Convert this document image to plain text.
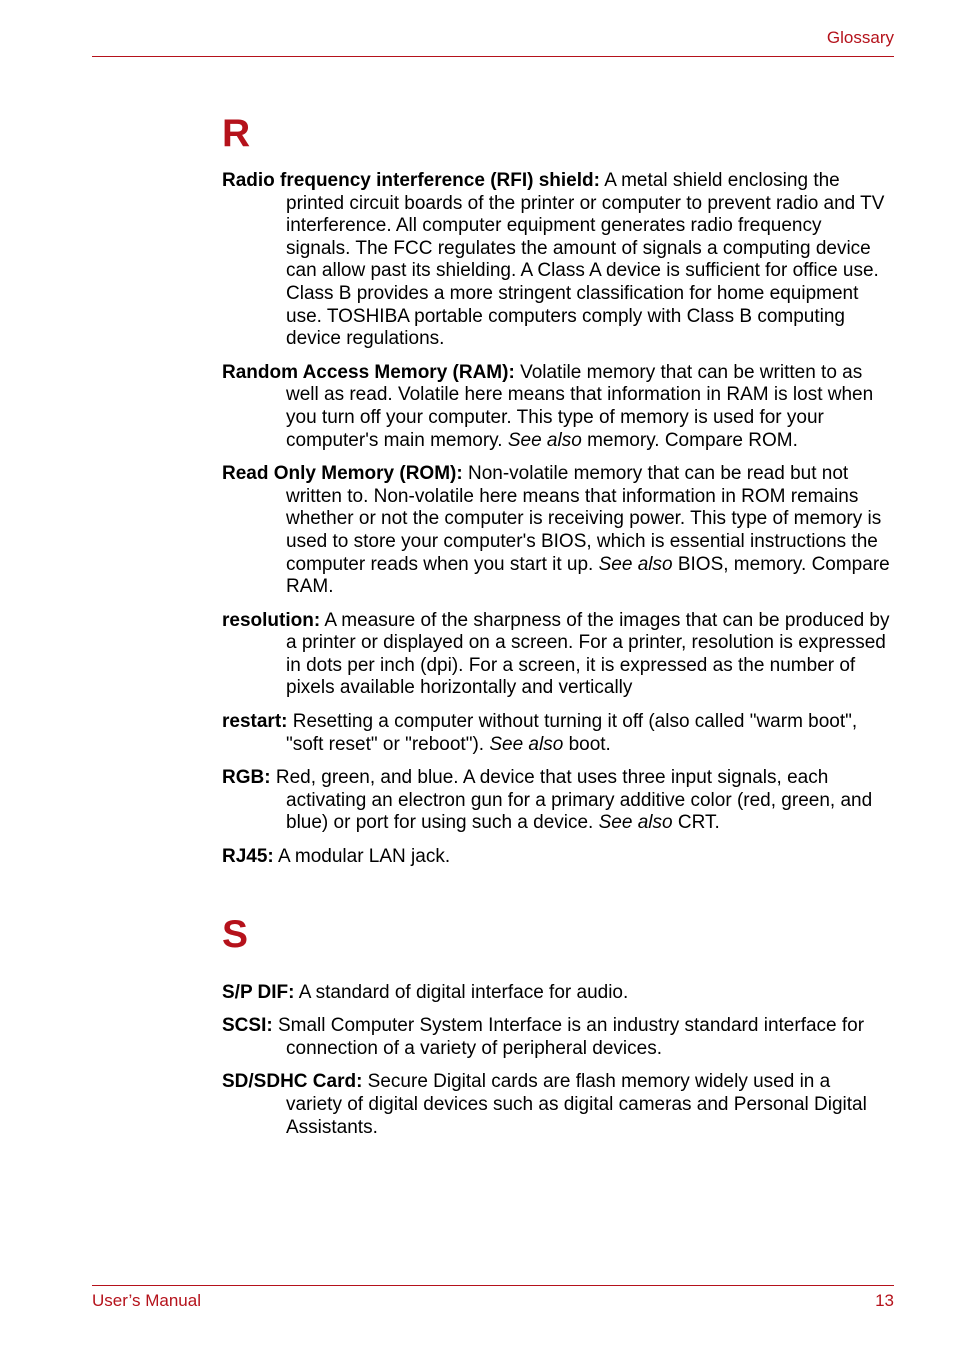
Glossary
R

Radio frequency interference (RFI) shield: A metal shield enclosing the printed circuit boards of the printer or computer to prevent radio and TV interference. All computer equipment generates radio frequency signals. The FCC regulates the amount of signals a computing device can allow past its shielding. A Class A device is sufficient for office use. Class B provides a more stringent classification for home equipment use. TOSHIBA portable computers comply with Class B computing device regulations.

Random Access Memory (RAM): Volatile memory that can be written to as well as read. Volatile here means that information in RAM is lost when you turn off your computer. This type of memory is used for your computer's main memory. See also memory. Compare ROM.

Read Only Memory (ROM): Non-volatile memory that can be read but not written to. Non-volatile here means that information in ROM remains whether or not the computer is receiving power. This type of memory is used to store your computer's BIOS, which is essential instructions the computer reads when you start it up. See also BIOS, memory. Compare RAM.

resolution: A measure of the sharpness of the images that can be produced by a printer or displayed on a screen. For a printer, resolution is expressed in dots per inch (dpi). For a screen, it is expressed as the number of pixels available horizontally and vertically

restart: Resetting a computer without turning it off (also called "warm boot", "soft reset" or "reboot"). See also boot.

RGB: Red, green, and blue. A device that uses three input signals, each activating an electron gun for a primary additive color (red, green, and blue) or port for using such a device. See also CRT.

RJ45: A modular LAN jack.

S

S/P DIF: A standard of digital interface for audio.

SCSI: Small Computer System Interface is an industry standard interface for connection of a variety of peripheral devices.

SD/SDHC Card: Secure Digital cards are flash memory widely used in a variety of digital devices such as digital cameras and Personal Digital Assistants.

User’s Manual	13
